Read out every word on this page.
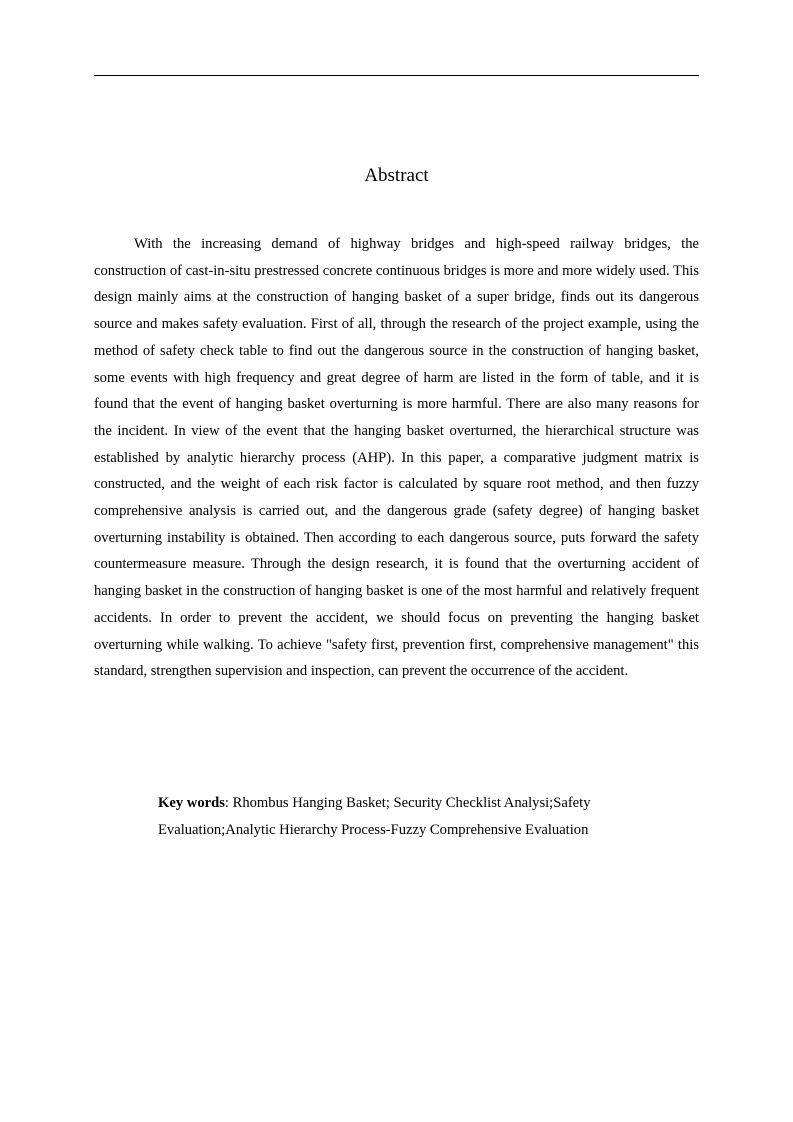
Abstract

With the increasing demand of highway bridges and high-speed railway bridges, the construction of cast-in-situ prestressed concrete continuous bridges is more and more widely used. This design mainly aims at the construction of hanging basket of a super bridge, finds out its dangerous source and makes safety evaluation. First of all, through the research of the project example, using the method of safety check table to find out the dangerous source in the construction of hanging basket, some events with high frequency and great degree of harm are listed in the form of table, and it is found that the event of hanging basket overturning is more harmful. There are also many reasons for the incident. In view of the event that the hanging basket overturned, the hierarchical structure was established by analytic hierarchy process (AHP). In this paper, a comparative judgment matrix is constructed, and the weight of each risk factor is calculated by square root method, and then fuzzy comprehensive analysis is carried out, and the dangerous grade (safety degree) of hanging basket overturning instability is obtained. Then according to each dangerous source, puts forward the safety countermeasure measure. Through the design research, it is found that the overturning accident of hanging basket in the construction of hanging basket is one of the most harmful and relatively frequent accidents. In order to prevent the accident, we should focus on preventing the hanging basket overturning while walking. To achieve "safety first, prevention first, comprehensive management" this standard, strengthen supervision and inspection, can prevent the occurrence of the accident.

Key words: Rhombus Hanging Basket; Security Checklist Analysi;Safety Evaluation;Analytic Hierarchy Process-Fuzzy Comprehensive Evaluation
